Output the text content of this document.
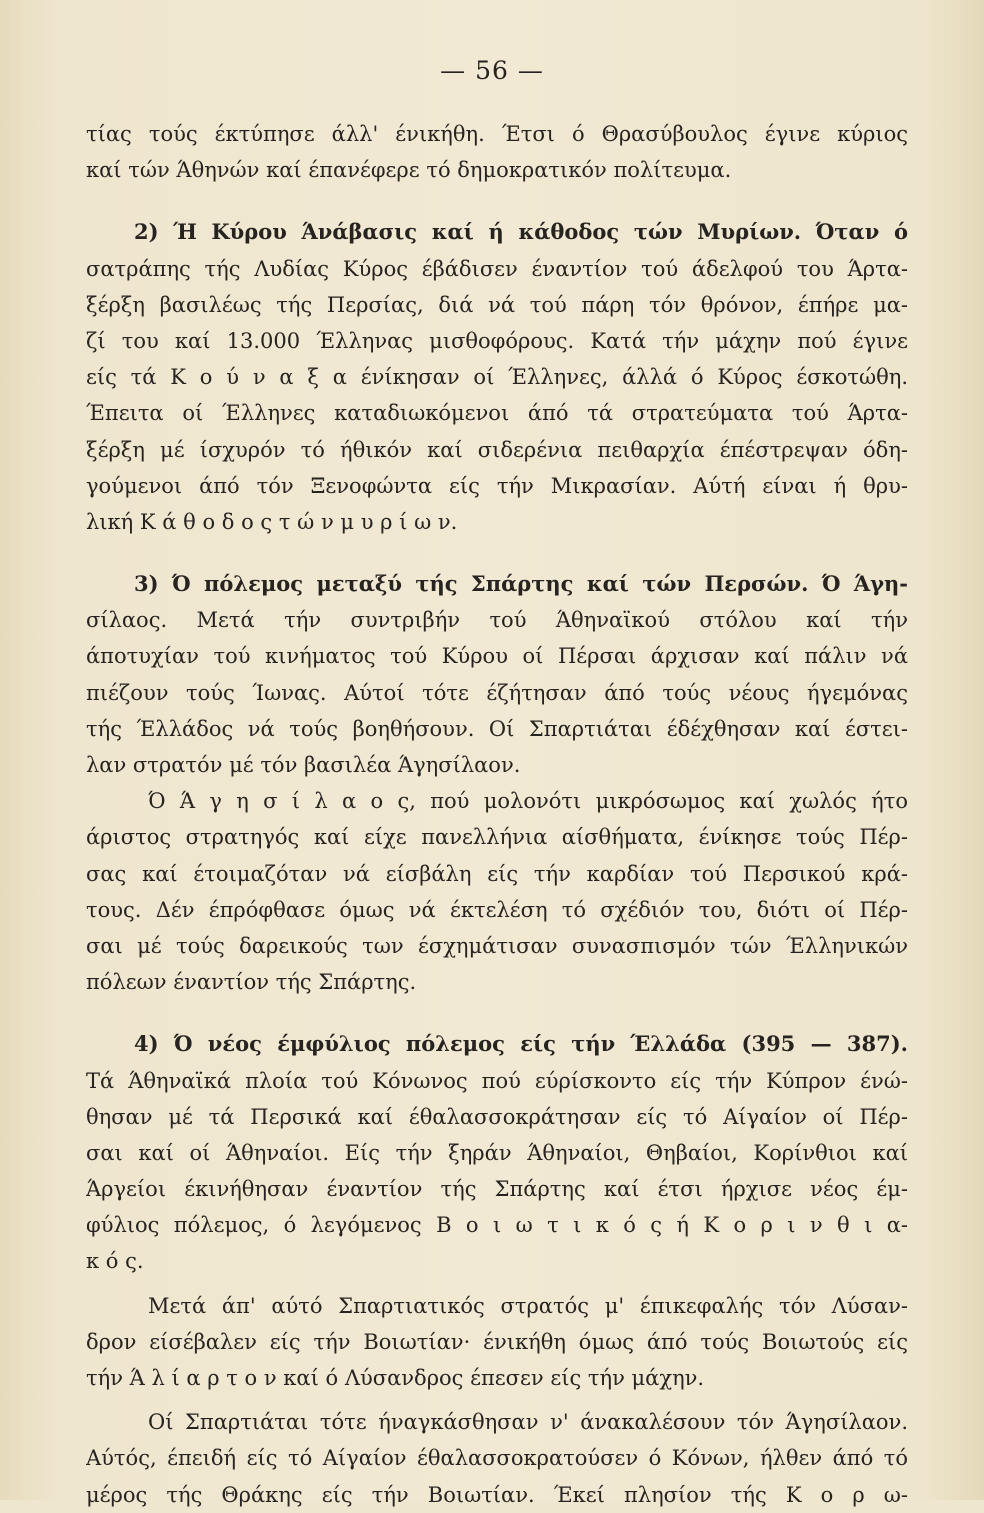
— 56 —
τίας τούς έκτύπησε άλλ' ένικήθη. Έτσι ό Θρασύβουλος έγινε κύριος
καί τών Άθηνών καί έπανέφερε τό δημοκρατικόν πολίτευμα.
2) Ή Κύρου Άνάβασις καί ή κάθοδος τών Μυρίων. Όταν ό
σατράπης τής Λυδίας Κύρος έβάδισεν έναντίον τού άδελφού του Άρτα-
ξέρξη βασιλέως τής Περσίας, διά νά τού πάρη τόν θρόνον, έπήρε μα-
ζί του καί 13.000 Έλληνας μισθοφόρους. Κατά τήν μάχην πού έγινε
είς τά Κ ο ύ ν α ξ α ένίκησαν οί Έλληνες, άλλά ό Κύρος έσκοτώθη.
Έπειτα οί Έλληνες καταδιωκόμενοι άπό τά στρατεύματα τού Άρτα-
ξέρξη μέ ίσχυρόν τό ήθικόν καί σιδερένια πειθαρχία έπέστρεψαν όδη-
γούμενοι άπό τόν Ξενοφώντα είς τήν Μικρασίαν. Αύτή είναι ή θρυ-
λική Κ ά θ ο δ ο ς τ ώ ν μ υ ρ ί ω ν.
3) Ό πόλεμος μεταξύ τής Σπάρτης καί τών Περσών. Ό Άγη-
σίλαος. Μετά τήν συντριβήν τού Άθηναϊκού στόλου καί τήν
άποτυχίαν τού κινήματος τού Κύρου οί Πέρσαι άρχισαν καί πάλιν νά
πιέζουν τούς Ίωνας. Αύτοί τότε έζήτησαν άπό τούς νέους ήγεμόνας
τής Έλλάδος νά τούς βοηθήσουν. Οί Σπαρτιάται έδέχθησαν καί έστει-
λαν στρατόν μέ τόν βασιλέα Άγησίλαον.
Ό Ά γ η σ ί λ α ο ς, πού μολονότι μικρόσωμος καί χωλός ήτο
άριστος στρατηγός καί είχε πανελλήνια αίσθήματα, ένίκησε τούς Πέρ-
σας καί έτοιμαζόταν νά είσβάλη είς τήν καρδίαν τού Περσικού κρά-
τους. Δέν έπρόφθασε όμως νά έκτελέση τό σχέδιόν του, διότι οί Πέρ-
σαι μέ τούς δαρεικούς των έσχημάτισαν συνασπισμόν τών Έλληνικών
πόλεων έναντίον τής Σπάρτης.
4) Ό νέος έμφύλιος πόλεμος είς τήν Έλλάδα (395 — 387).
Τά Άθηναϊκά πλοία τού Κόνωνος πού εύρίσκοντο είς τήν Κύπρον ένώ-
θησαν μέ τά Περσικά καί έθαλασσοκράτησαν είς τό Αίγαίον οί Πέρ-
σαι καί οί Άθηναίοι. Είς τήν ξηράν Άθηναίοι, Θηβαίοι, Κορίνθιοι καί
Άργείοι έκινήθησαν έναντίον τής Σπάρτης καί έτσι ήρχισε νέος έμ-
φύλιος πόλεμος, ό λεγόμενος Β ο ι ω τ ι κ ό ς ή Κ ο ρ ι ν θ ι α-
κ ό ς.
Μετά άπ' αύτό Σπαρτιατικός στρατός μ' έπικεφαλής τόν Λύσαν-
δρον είσέβαλεν είς τήν Βοιωτίαν· ένικήθη όμως άπό τούς Βοιωτούς είς
τήν Ά λ ί α ρ τ ο ν καί ό Λύσανδρος έπεσεν είς τήν μάχην.
Οί Σπαρτιάται τότε ήναγκάσθησαν ν' άνακαλέσουν τόν Άγησίλαον.
Αύτός, έπειδή είς τό Αίγαίον έθαλασσοκρατούσεν ό Κόνων, ήλθεν άπό τό
μέρος τής Θράκης είς τήν Βοιωτίαν. Έκεί πλησίον τής Κ ο ρ ω-
